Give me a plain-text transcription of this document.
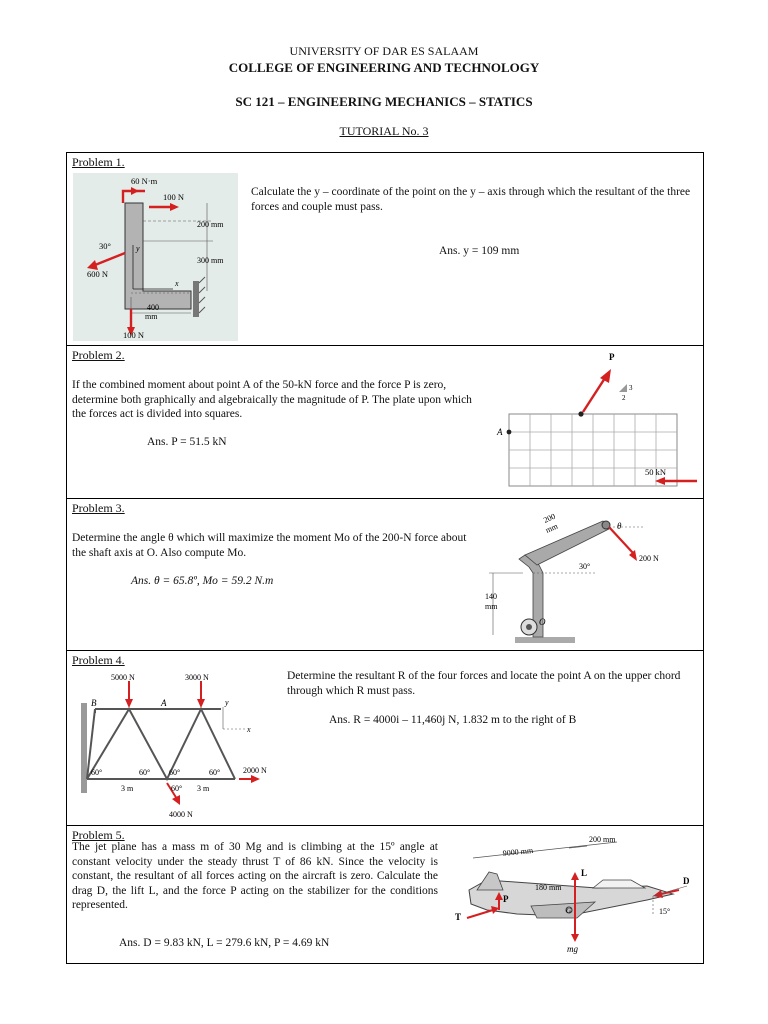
UNIVERSITY OF DAR ES SALAAM
COLLEGE OF ENGINEERING AND TECHNOLOGY
SC 121 – ENGINEERING MECHANICS – STATICS
TUTORIAL No. 3
Problem 1.
60 N·m
100 N
200 mm
30°
300 mm
600 N
400
mm
100 N
x
y
Calculate the y – coordinate of the point on the y – axis through which the resultant of the three forces and couple must pass.
Ans. y = 109 mm
Problem 2.
If the combined moment about point A of the 50-kN force and the force P is zero, determine both graphically and algebraically the magnitude of P. The plate upon which the forces act is divided into squares.
Ans. P = 51.5 kN
P
3
2
A
50 kN
Problem 3.
Determine the angle θ which will maximize the moment Mo of the 200-N force about the shaft axis at O. Also compute Mo.
Ans. θ = 65.8º, Mo = 59.2 N.m
200
mm	θ
200 N
30°
140
mm
O
Problem 4.
5000 N	3000 N
B	A	y
x
60°	60° 60°	60°	2000 N
3 m	60° 3 m
4000 N
Determine the resultant R of the four forces and locate the point A on the upper chord through which R must pass.
Ans. R = 4000i – 11,460j N, 1.832 m to the right of B
Problem 5.
The jet plane has a mass m of 30 Mg and is climbing at the 15º angle at constant velocity under the steady thrust T of 86 kN. Since the velocity is constant, the resultant of all forces acting on the aircraft is zero. Calculate the drag D, the lift L, and the force P acting on the stabilizer for the conditions represented.
Ans. D = 9.83 kN, L = 279.6 kN, P = 4.69 kN
9000 mm
200 mm
L
D
180 mm
P
T
G	15°
mg
